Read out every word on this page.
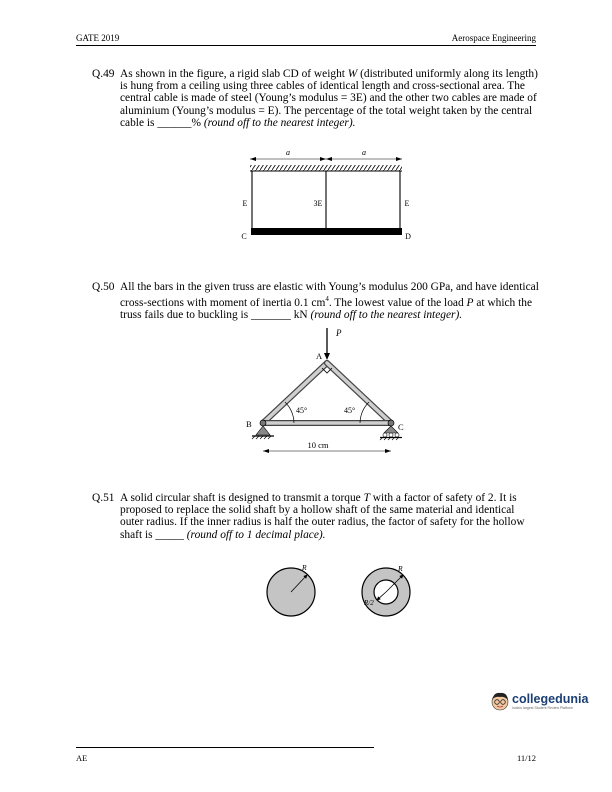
GATE 2019	Aerospace Engineering
Q.49 As shown in the figure, a rigid slab CD of weight W (distributed uniformly along its length) is hung from a ceiling using three cables of identical length and cross-sectional area. The central cable is made of steel (Young’s modulus = 3E) and the other two cables are made of aluminium (Young’s modulus = E). The percentage of the total weight taken by the central cable is ______% (round off to the nearest integer).
a	a
E	3E	E
C	D
Q.50 All the bars in the given truss are elastic with Young’s modulus 200 GPa, and have identical cross-sections with moment of inertia 0.1 $cm^4$. The lowest value of the load P at which the truss fails due to buckling is _______ kN (round off to the nearest integer).
P
A
45°	45°
B	C
10 cm
Q.51 A solid circular shaft is designed to transmit a torque T with a factor of safety of 2. It is proposed to replace the solid shaft by a hollow shaft of the same material and identical outer radius. If the inner radius is half the outer radius, the factor of safety for the hollow shaft is _____ (round off to 1 decimal place).
R	R
R/2
collegedunia
India's largest Student Review Platform
AE	11/12
